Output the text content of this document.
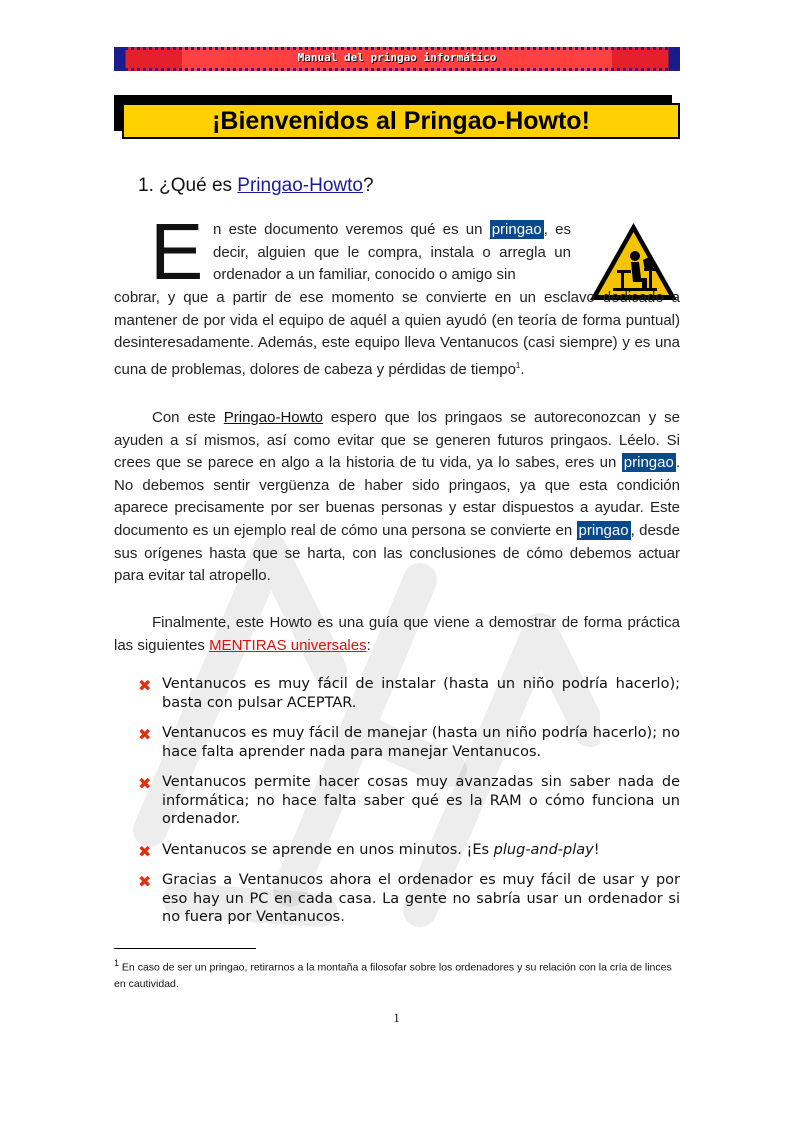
Manual del pringao informático
¡Bienvenidos al Pringao-Howto!
1. ¿Qué es Pringao-Howto?
E n este documento veremos qué es un pringao , es decir, alguien que le compra, instala o arregla un ordenador a un familiar, conocido o amigo sin
cobrar, y que a partir de ese momento se convierte en un esclavo dedicado a mantener de por vida el equipo de aquél a quien ayudó (en teoría de forma puntual) desinteresadamente. Además, este equipo lleva Ventanucos (casi siempre) y es una cuna de problemas, dolores de cabeza y pérdidas de tiempo$^1$.
Con este Pringao-Howto espero que los pringaos se autoreconozcan y se ayuden a sí mismos, así como evitar que se generen futuros pringaos. Léelo. Si crees que se parece en algo a la historia de tu vida, ya lo sabes, eres un pringao . No debemos sentir vergüenza de haber sido pringaos, ya que esta condición aparece precisamente por ser buenas personas y estar dispuestos a ayudar. Este documento es un ejemplo real de cómo una persona se convierte en pringao , desde sus orígenes hasta que se harta, con las conclusiones de cómo debemos actuar para evitar tal atropello.
Finalmente, este Howto es una guía que viene a demostrar de forma práctica las siguientes MENTIRAS universales:
✖ Ventanucos es muy fácil de instalar (hasta un niño podría hacerlo); basta con pulsar ACEPTAR.
✖ Ventanucos es muy fácil de manejar (hasta un niño podría hacerlo); no hace falta aprender nada para manejar Ventanucos.
✖ Ventanucos permite hacer cosas muy avanzadas sin saber nada de informática; no hace falta saber qué es la RAM o cómo funciona un ordenador.
✖ Ventanucos se aprende en unos minutos. ¡Es plug-and-play!
✖ Gracias a Ventanucos ahora el ordenador es muy fácil de usar y por eso hay un PC en cada casa. La gente no sabría usar un ordenador si no fuera por Ventanucos.
1 En caso de ser un pringao, retirarnos a la montaña a filosofar sobre los ordenadores y su relación con la cría de linces en cautividad.
1
